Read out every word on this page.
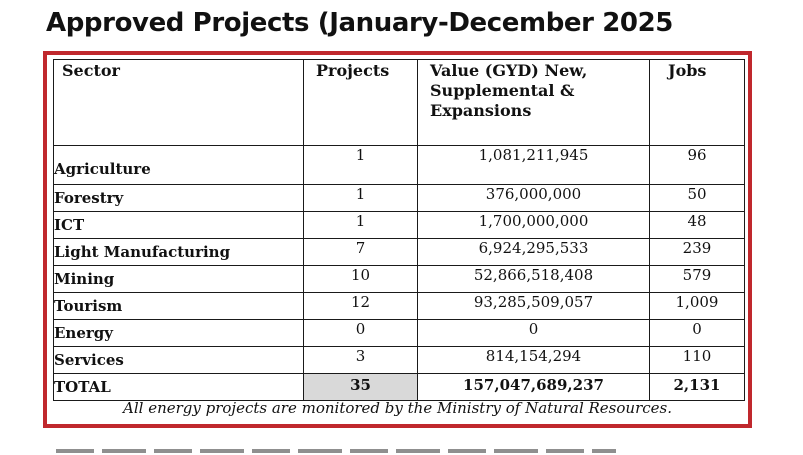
Approved Projects (January-December 2025
Sector	Projects	Value (GYD) New, Supplemental & Expansions	Jobs
Agriculture	1	1,081,211,945	96
Forestry	1	376,000,000	50
ICT	1	1,700,000,000	48
Light Manufacturing	7	6,924,295,533	239
Mining	10	52,866,518,408	579
Tourism	12	93,285,509,057	1,009
Energy	0	0	0
Services	3	814,154,294	110
TOTAL	35	157,047,689,237	2,131
All energy projects are monitored by the Ministry of Natural Resources.
